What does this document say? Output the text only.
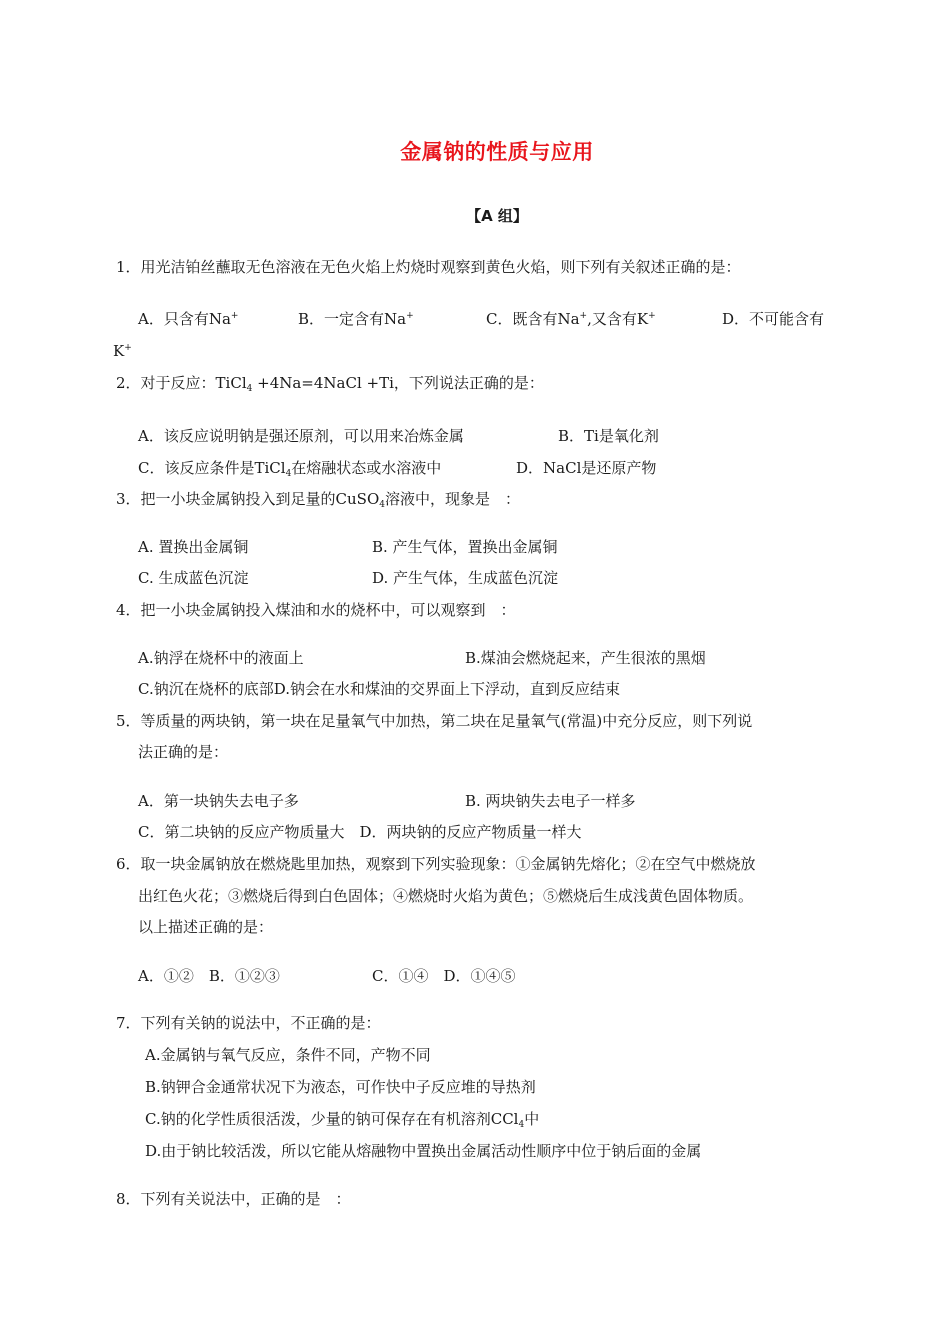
金属钠的性质与应用
【A 组】
1．用光洁铂丝蘸取无色溶液在无色火焰上灼烧时观察到黄色火焰，则下列有关叙述正确的是：
A．只含有Na+	B．一定含有Na+	C．既含有Na+,又含有K+	D．不可能含有
K+
2．对于反应：TiCl$_4$ +4Na=4NaCl +Ti，下列说法正确的是：
A．该反应说明钠是强还原剂，可以用来冶炼金属	B．Ti是氧化剂
C．该反应条件是TiCl$_4$在熔融状态或水溶液中	D．NaCl是还原产物
3．把一小块金属钠投入到足量的CuSO$_4$溶液中，现象是　：
A. 置换出金属铜	B. 产生气体，置换出金属铜
C. 生成蓝色沉淀	D. 产生气体，生成蓝色沉淀
4．把一小块金属钠投入煤油和水的烧杯中，可以观察到　：
A.钠浮在烧杯中的液面上	B.煤油会燃烧起来，产生很浓的黑烟
C.钠沉在烧杯的底部D.钠会在水和煤油的交界面上下浮动，直到反应结束
5．等质量的两块钠，第一块在足量氧气中加热，第二块在足量氧气(常温)中充分反应，则下列说
法正确的是：
A．第一块钠失去电子多	B. 两块钠失去电子一样多
C．第二块钠的反应产物质量大　D．两块钠的反应产物质量一样大
6．取一块金属钠放在燃烧匙里加热，观察到下列实验现象：①金属钠先熔化；②在空气中燃烧放
出红色火花；③燃烧后得到白色固体；④燃烧时火焰为黄色；⑤燃烧后生成浅黄色固体物质。
以上描述正确的是：
A．①②　B．①②③	C．①④　D．①④⑤
7．下列有关钠的说法中，不正确的是：
A.金属钠与氧气反应，条件不同，产物不同
B.钠钾合金通常状况下为液态，可作快中子反应堆的导热剂
C.钠的化学性质很活泼，少量的钠可保存在有机溶剂CCl$_4$中
D.由于钠比较活泼，所以它能从熔融物中置换出金属活动性顺序中位于钠后面的金属
8．下列有关说法中，正确的是　：
